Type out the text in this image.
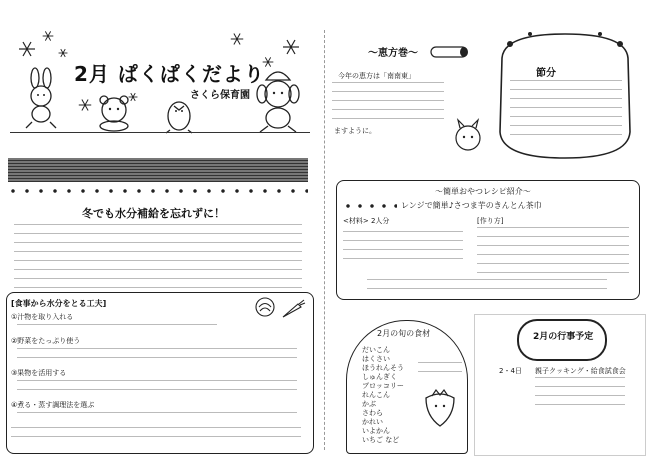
2月 ぱくぱくだより
さくら保育園
冬でも水分補給を忘れずに！
[食事から水分をとる工夫]
①汁物を取り入れる
②野菜をたっぷり使う
③果物を活用する
④煮る・蒸す調理法を選ぶ
〜恵方巻〜
今年の恵方は「南南東」
ますように。
節分
〜簡単おやつレシピ紹介〜
レンジで簡単♪さつま芋のきんとん茶巾
<材料> 2人分	[作り方]
2月の旬の食材
だいこん
はくさい
ほうれんそう
しゅんぎく
ブロッコリー
れんこん
かぶ
さわら
かれい
いよかん
いちご など
2月の行事予定
2・4日 親子クッキング・給食試食会
